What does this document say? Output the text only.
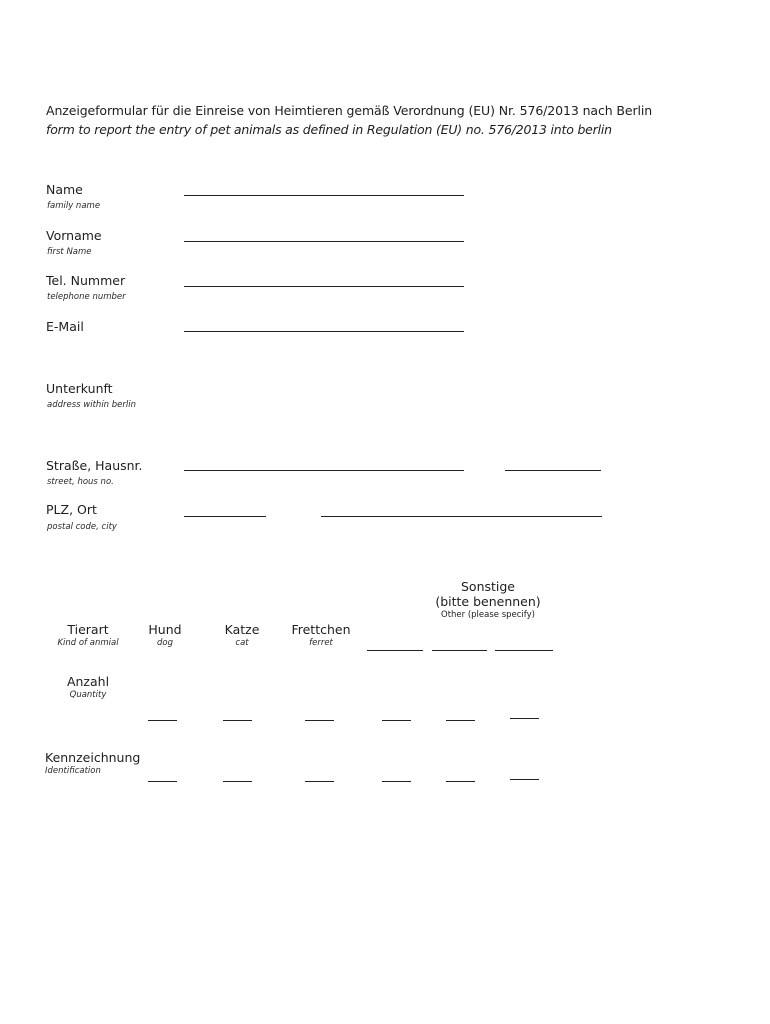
Anzeigeformular für die Einreise von Heimtieren gemäß Verordnung (EU) Nr. 576/2013 nach Berlin
form to report the entry of pet animals as defined in Regulation (EU) no. 576/2013 into berlin
Name
family name
Vorname
first Name
Tel. Nummer
telephone number
E-Mail
Unterkunft
address within berlin
Straße, Hausnr.
street, hous no.
PLZ, Ort
postal code, city
Sonstige
(bitte benennen)
Other (please specify)
Tierart
Kind of anmial
Hund
dog
Katze
cat
Frettchen
ferret
Anzahl
Quantity
Kennzeichnung
Identification
